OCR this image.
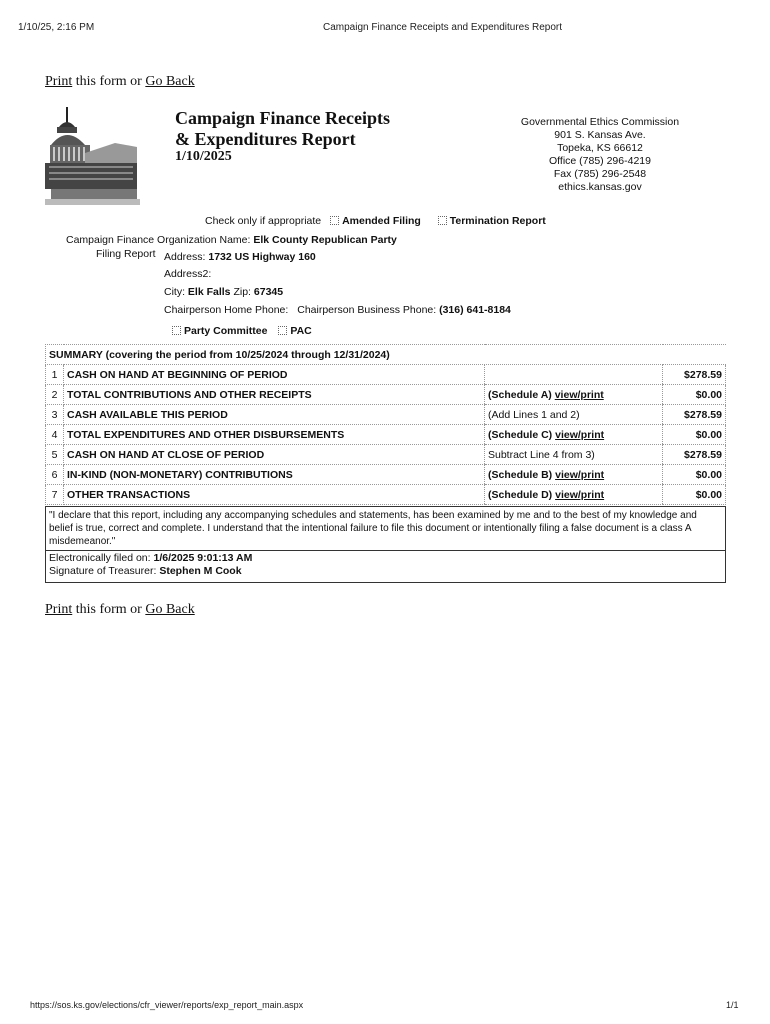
1/10/25, 2:16 PM	Campaign Finance Receipts and Expenditures Report
Print this form or Go Back
Campaign Finance Receipts
& Expenditures Report
1/10/2025
Governmental Ethics Commission
901 S. Kansas Ave.
Topeka, KS 66612
Office (785) 296-4219
Fax (785) 296-2548
ethics.kansas.gov
Check only if appropriate Amended Filing	Termination Report
Campaign Finance Organization Name: Elk County Republican Party
Filing Report Address: 1732 US Highway 160
Address2:
City: Elk Falls Zip: 67345
Chairperson Home Phone: Chairperson Business Phone: (316) 641-8184
Party Committee PAC
SUMMARY (covering the period from 10/25/2024 through 12/31/2024)			
1	CASH ON HAND AT BEGINNING OF PERIOD		$278.59
2	TOTAL CONTRIBUTIONS AND OTHER RECEIPTS	(Schedule A) view/print	$0.00
3	CASH AVAILABLE THIS PERIOD	(Add Lines 1 and 2)	$278.59
4	TOTAL EXPENDITURES AND OTHER DISBURSEMENTS	(Schedule C) view/print	$0.00
5	CASH ON HAND AT CLOSE OF PERIOD	Subtract Line 4 from 3)	$278.59
6	IN-KIND (NON-MONETARY) CONTRIBUTIONS	(Schedule B) view/print	$0.00
7	OTHER TRANSACTIONS	(Schedule D) view/print	$0.00
"I declare that this report, including any accompanying schedules and statements, has been examined by me and to the best of my knowledge and belief is true, correct and complete. I understand that the intentional failure to file this document or intentionally filing a false document is a class A misdemeanor."
Electronically filed on: 1/6/2025 9:01:13 AM
Signature of Treasurer: Stephen M Cook
Print this form or Go Back
https://sos.ks.gov/elections/cfr_viewer/reports/exp_report_main.aspx	1/1
